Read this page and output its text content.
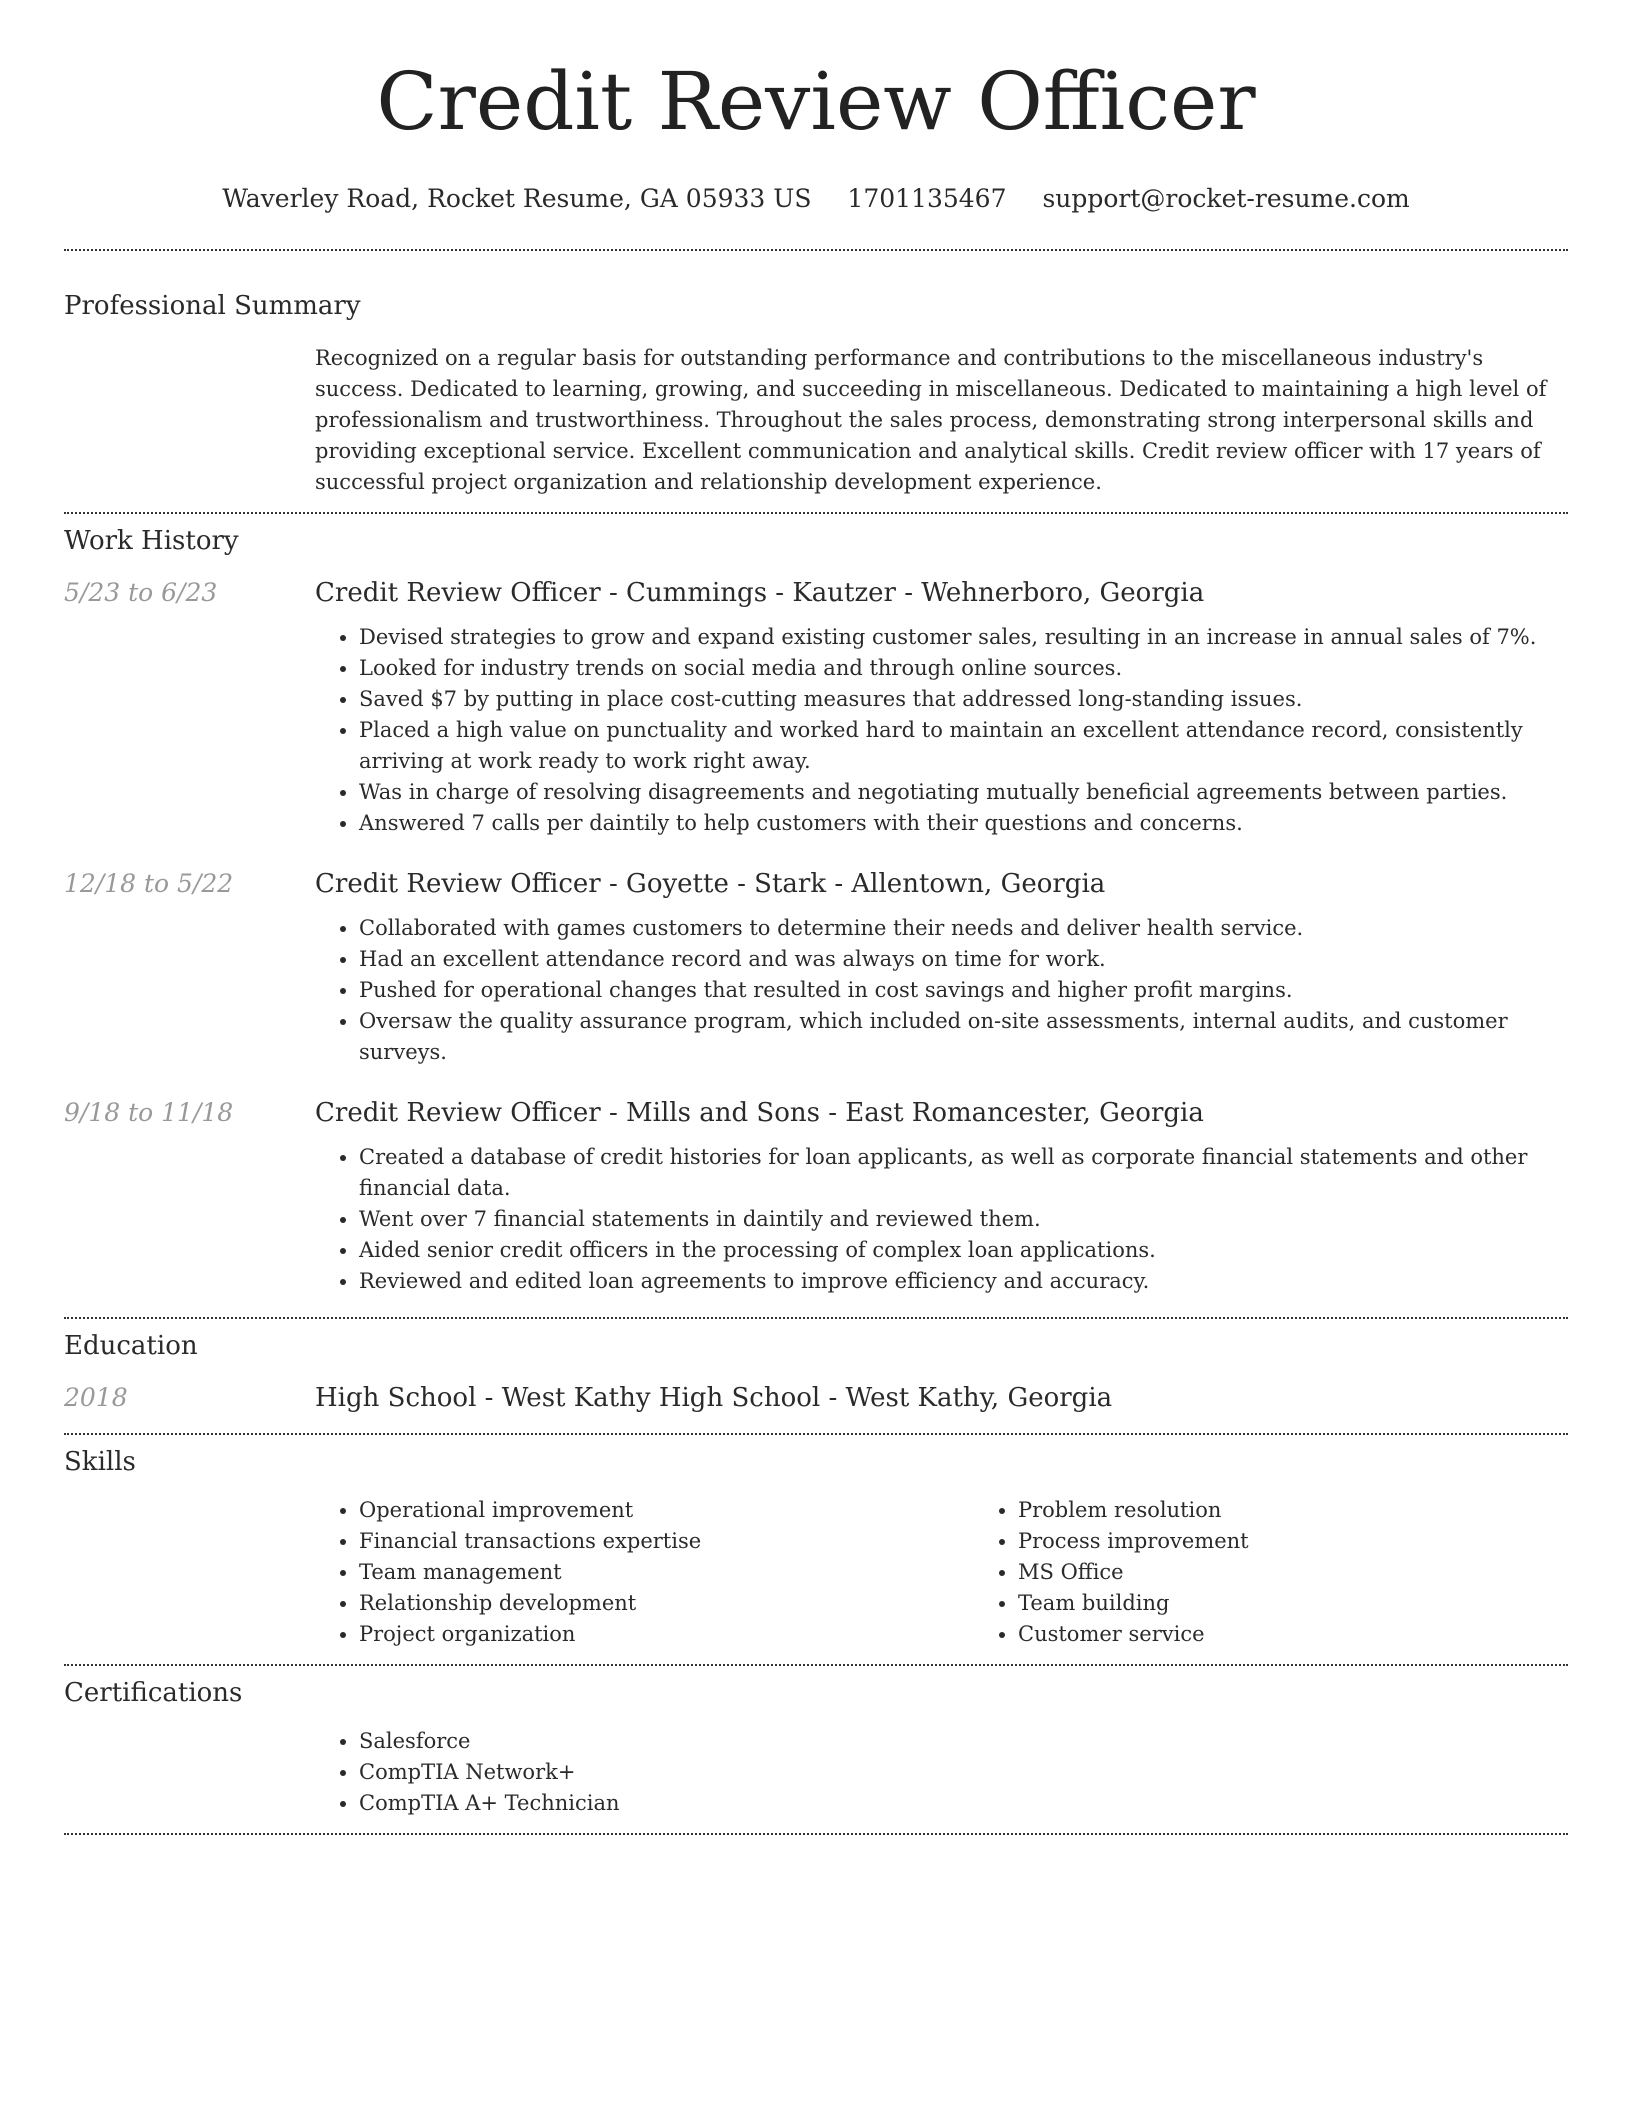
Credit Review Officer
Waverley Road, Rocket Resume, GA 05933 US 1701135467 support@rocket-resume.com
Professional Summary
Recognized on a regular basis for outstanding performance and contributions to the miscellaneous industry's success. Dedicated to learning, growing, and succeeding in miscellaneous. Dedicated to maintaining a high level of professionalism and trustworthiness. Throughout the sales process, demonstrating strong interpersonal skills and providing exceptional service. Excellent communication and analytical skills. Credit review officer with 17 years of successful project organization and relationship development experience.
Work History
5/23 to 6/23	Credit Review Officer - Cummings - Kautzer - Wehnerboro, Georgia
• Devised strategies to grow and expand existing customer sales, resulting in an increase in annual sales of 7%.
• Looked for industry trends on social media and through online sources.
• Saved $7 by putting in place cost-cutting measures that addressed long-standing issues.
• Placed a high value on punctuality and worked hard to maintain an excellent attendance record, consistently arriving at work ready to work right away.
• Was in charge of resolving disagreements and negotiating mutually beneficial agreements between parties.
• Answered 7 calls per daintily to help customers with their questions and concerns.
12/18 to 5/22	Credit Review Officer - Goyette - Stark - Allentown, Georgia
• Collaborated with games customers to determine their needs and deliver health service.
• Had an excellent attendance record and was always on time for work.
• Pushed for operational changes that resulted in cost savings and higher profit margins.
• Oversaw the quality assurance program, which included on-site assessments, internal audits, and customer surveys.
9/18 to 11/18	Credit Review Officer - Mills and Sons - East Romancester, Georgia
• Created a database of credit histories for loan applicants, as well as corporate financial statements and other financial data.
• Went over 7 financial statements in daintily and reviewed them.
• Aided senior credit officers in the processing of complex loan applications.
• Reviewed and edited loan agreements to improve efficiency and accuracy.
Education
2018	High School - West Kathy High School - West Kathy, Georgia
Skills
• Operational improvement
• Financial transactions expertise
• Team management
• Relationship development
• Project organization
• Problem resolution
• Process improvement
• MS Office
• Team building
• Customer service
Certifications
• Salesforce
• CompTIA Network+
• CompTIA A+ Technician
